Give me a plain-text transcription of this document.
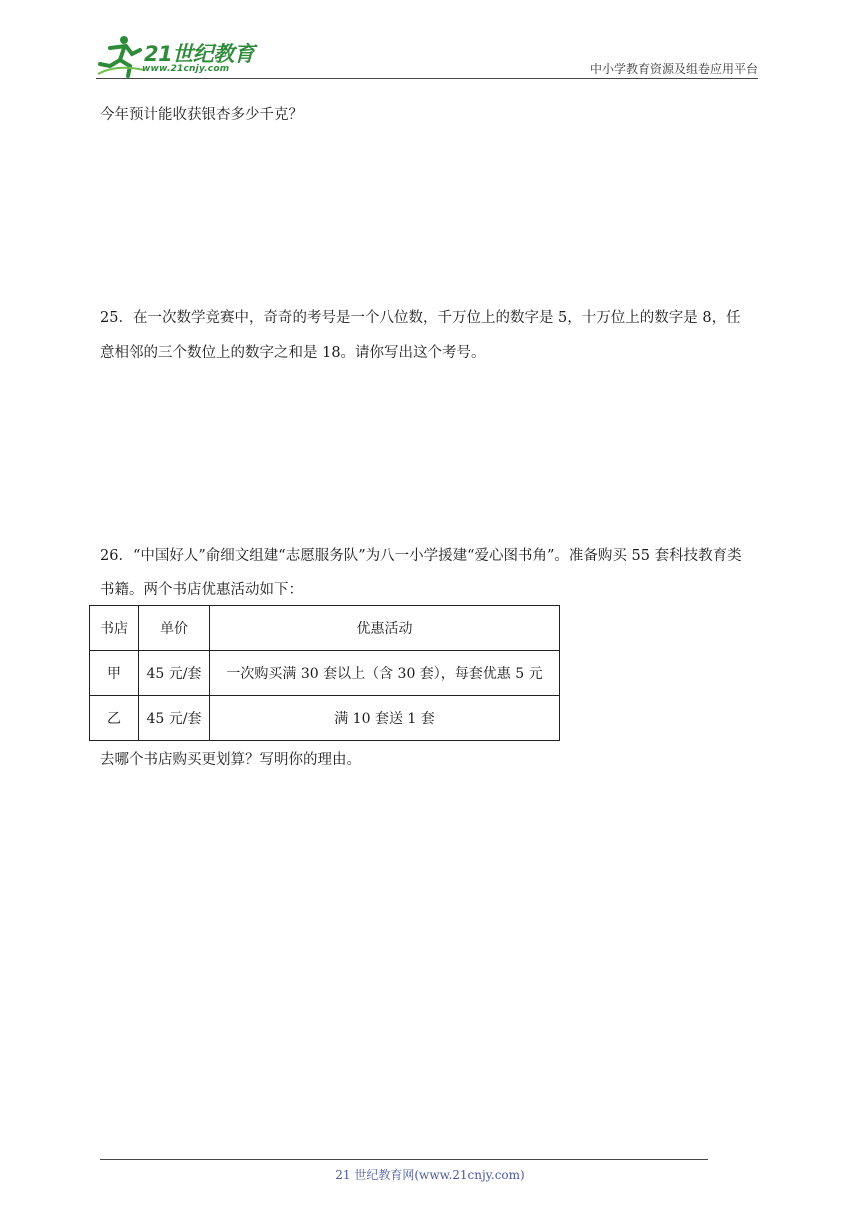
21世纪教育
www.21cnjy.com	中小学教育资源及组卷应用平台
今年预计能收获银杏多少千克？
25．在一次数学竞赛中，奇奇的考号是一个八位数，千万位上的数字是 5，十万位上的数字是 8，任
意相邻的三个数位上的数字之和是 18。请你写出这个考号。
26．“中国好人”俞细文组建“志愿服务队”为八一小学援建“爱心图书角”。准备购买 55 套科技教育类
书籍。两个书店优惠活动如下：
书店	单价	优惠活动
甲	45 元/套	一次购买满 30 套以上（含 30 套），每套优惠 5 元
乙	45 元/套	满 10 套送 1 套
去哪个书店购买更划算？写明你的理由。
21 世纪教育网(www.21cnjy.com)
